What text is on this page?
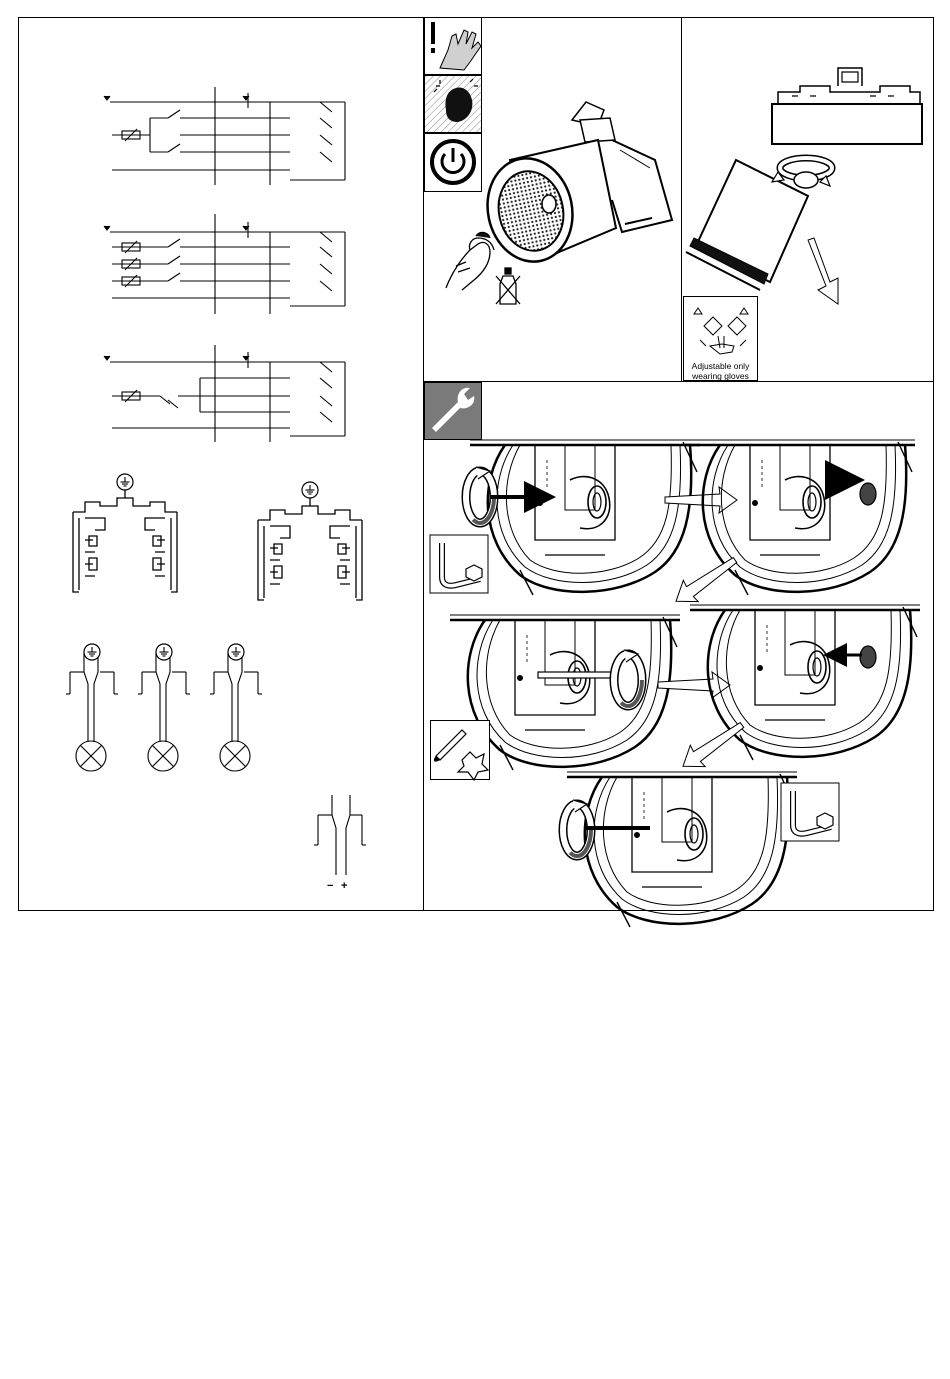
− +
Adjustable only
wearing gloves
